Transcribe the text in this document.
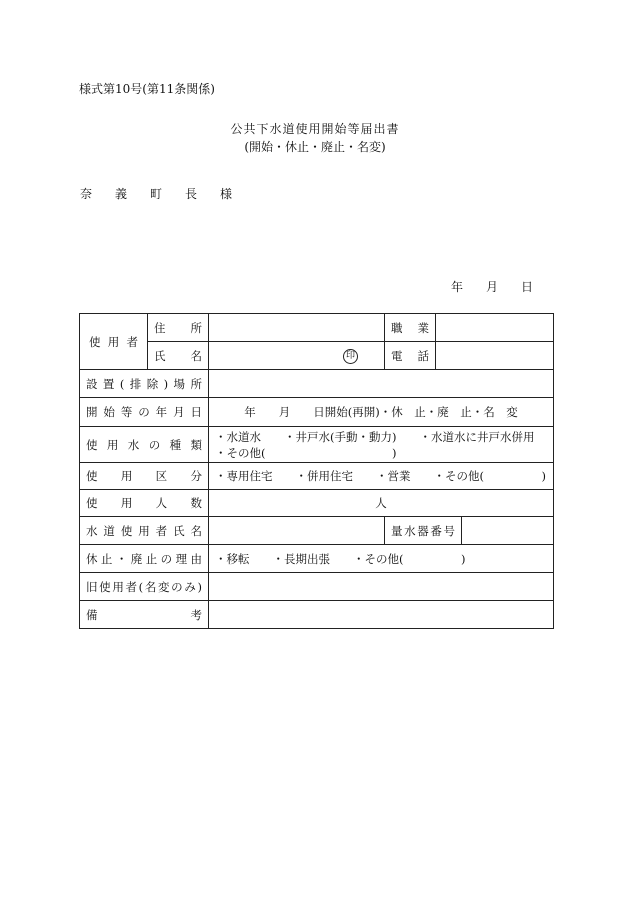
様式第10号(第11条関係)
公共下水道使用開始等届出書
(開始・休止・廃止・名変)
奈 義 町 長 様
年 月 日
使用者	住所		職業		

	氏名	印	電話		

設置(排除)場所					

開始等の年月日		年　　月　　日開始(再開)・休　止・廃　止・名　変			

使用水の種類		・水道水　　・井戸水(手動・動力)　　・水道水に井戸水併用
・その他(　　　　　　　　　　　)			

使用区分		・専用住宅　　・併用住宅　　・営業　　・その他(　　　　　)			

使用人数		人			

水道使用者氏名			量水器番号		

休止・廃止の理由		・移転　　・長期出張　　・その他(　　　　　)			

旧使用者(名変のみ)					

備考					
